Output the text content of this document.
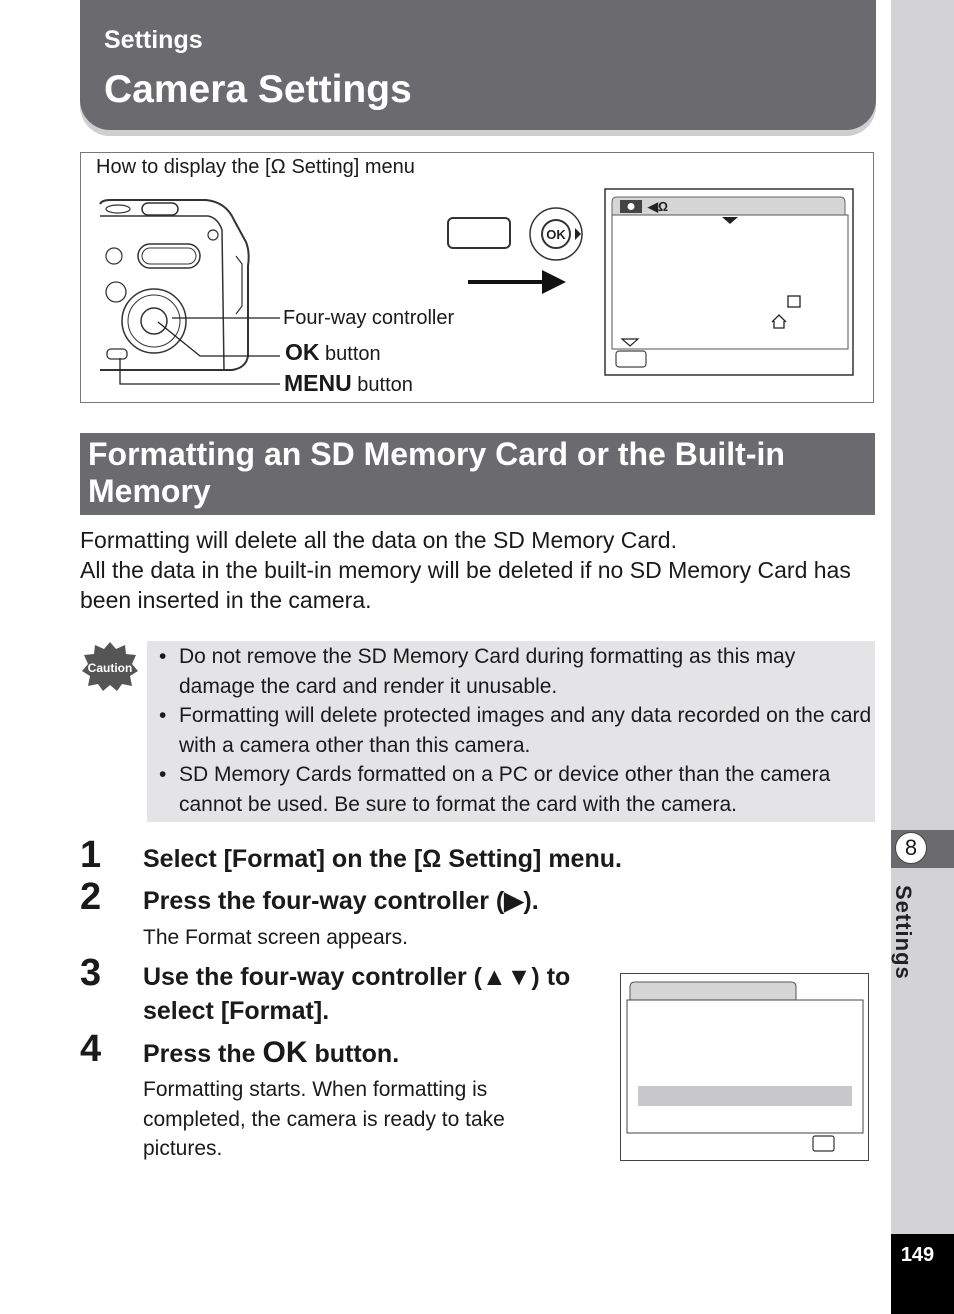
Settings
Camera Settings
8
Settings
149
How to display the [Ω Setting] menu
Four-way controller
OK button
MENU button
OK
◀Ω
Formatting an SD Memory Card or the Built-in Memory
Formatting will delete all the data on the SD Memory Card.
All the data in the built-in memory will be deleted if no SD Memory Card has been inserted in the camera.
Caution
•	Do not remove the SD Memory Card during formatting as this may damage the card and render it unusable.
• Formatting will delete protected images and any data recorded on the card with a camera other than this camera.
• SD Memory Cards formatted on a PC or device other than the camera cannot be used. Be sure to format the card with the camera.
1 Select [Format] on the [Ω Setting] menu.
2 Press the four-way controller (▶).
The Format screen appears.
3 Use the four-way controller (▲▼) to select [Format].
4 Press the OK button.
Formatting starts. When formatting is completed, the camera is ready to take pictures.
